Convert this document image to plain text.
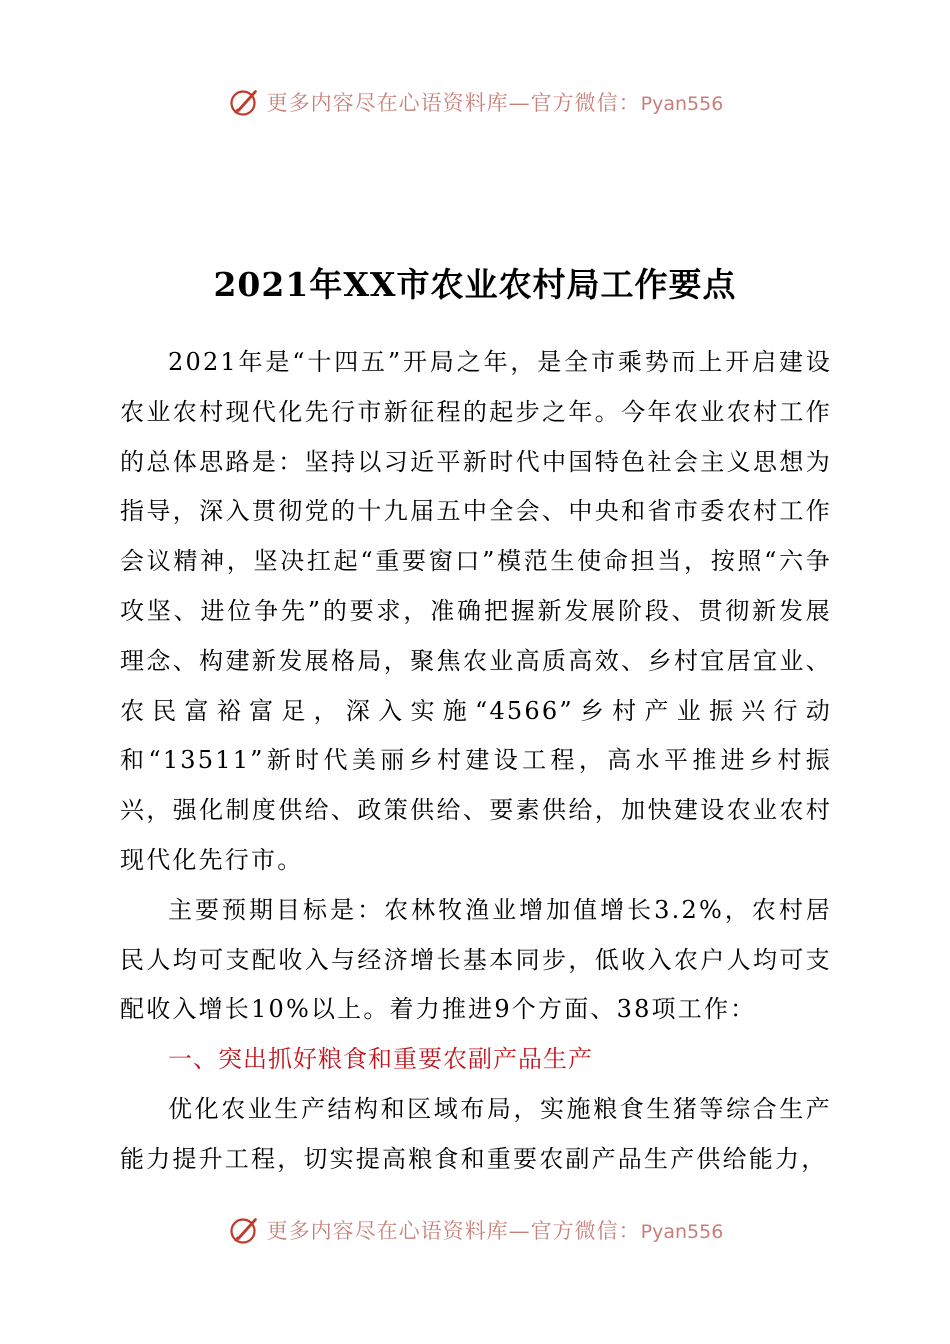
更多内容尽在心语资料库—官方微信：Pyan556
2021年XX市农业农村局工作要点

2021年是“十四五”开局之年，是全市乘势而上开启建设农业农村现代化先行市新征程的起步之年。今年农业农村工作的总体思路是：坚持以习近平新时代中国特色社会主义思想为指导，深入贯彻党的十九届五中全会、中央和省市委农村工作会议精神，坚决扛起“重要窗口”模范生使命担当，按照“六争攻坚、进位争先”的要求，准确把握新发展阶段、贯彻新发展理念、构建新发展格局，聚焦农业高质高效、乡村宜居宜业、农民富裕富足，深入实施“4566”乡村产业振兴行动和“13511”新时代美丽乡村建设工程，高水平推进乡村振兴，强化制度供给、政策供给、要素供给，加快建设农业农村现代化先行市。

主要预期目标是：农林牧渔业增加值增长3.2%，农村居民人均可支配收入与经济增长基本同步，低收入农户人均可支配收入增长10%以上。着力推进9个方面、38项工作：

一、突出抓好粮食和重要农副产品生产

优化农业生产结构和区域布局，实施粮食生猪等综合生产能力提升工程，切实提高粮食和重要农副产品生产供给能力，

更多内容尽在心语资料库—官方微信：Pyan556
